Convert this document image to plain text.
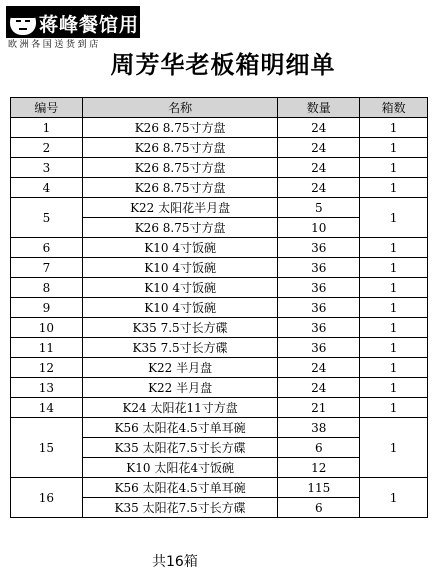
蒋峰餐馆用品
欧洲各国送货到店
周芳华老板箱明细单
编号	名称	数量	箱数
1	K26 8.75寸方盘	24	1
2	K26 8.75寸方盘	24	1
3	K26 8.75寸方盘	24	1
4	K26 8.75寸方盘	24	1
5	K22 太阳花半月盘	5	1
	K26 8.75寸方盘	10	
6	K10 4寸饭碗	36	1
7	K10 4寸饭碗	36	1
8	K10 4寸饭碗	36	1
9	K10 4寸饭碗	36	1
10	K35 7.5寸长方碟	36	1
11	K35 7.5寸长方碟	36	1
12	K22 半月盘	24	1
13	K22 半月盘	24	1
14	K24 太阳花11寸方盘	21	1
15	K56 太阳花4.5寸单耳碗	38	1
	K35 太阳花7.5寸长方碟	6	
	K10 太阳花4寸饭碗	12	
16	K56 太阳花4.5寸单耳碗	115	1
	K35 太阳花7.5寸长方碟	6	
共16箱
